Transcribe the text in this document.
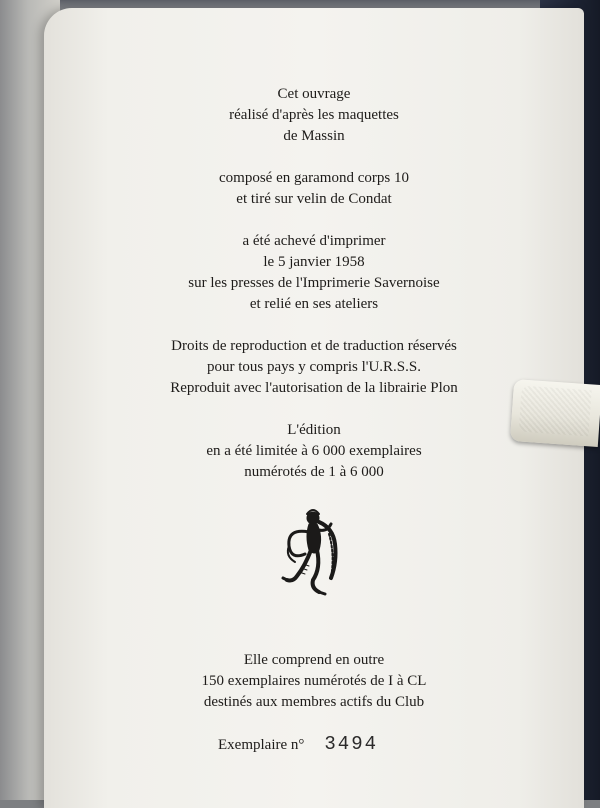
Cet ouvrage

réalisé d'après les maquettes

de Massin

composé en garamond corps 10

et tiré sur velin de Condat

a été achevé d'imprimer

le 5 janvier 1958

sur les presses de l'Imprimerie Savernoise

et relié en ses ateliers

Droits de reproduction et de traduction réservés

pour tous pays y compris l'U.R.S.S.

Reproduit avec l'autorisation de la librairie Plon

L'édition

en a été limitée à 6 000 exemplaires

numérotés de 1 à 6 000

Elle comprend en outre

150 exemplaires numérotés de I à CL

destinés aux membres actifs du Club

Exemplaire n° 3494
